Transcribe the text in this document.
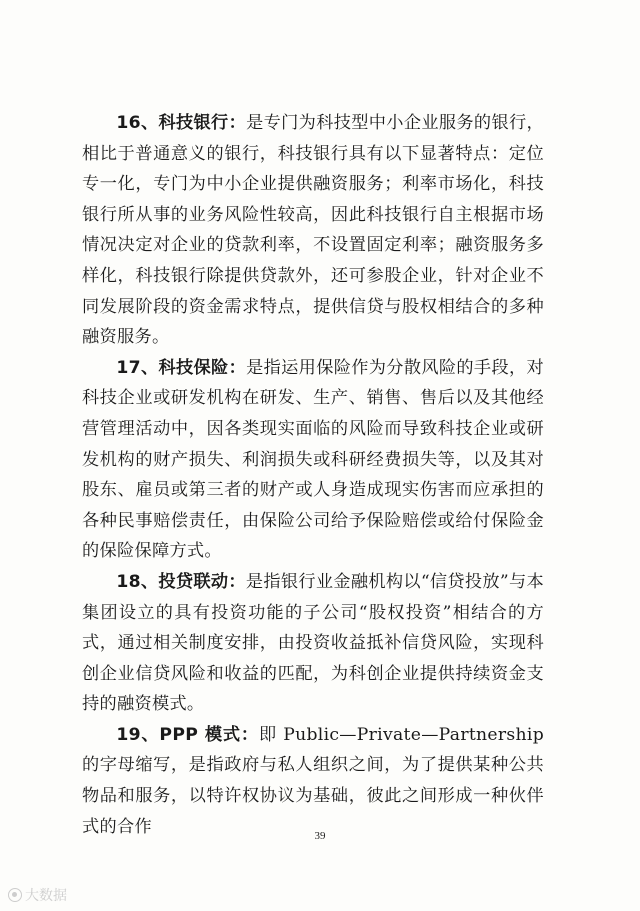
16、科技银行：是专门为科技型中小企业服务的银行，相比于普通意义的银行，科技银行具有以下显著特点：定位专一化，专门为中小企业提供融资服务；利率市场化，科技银行所从事的业务风险性较高，因此科技银行自主根据市场情况决定对企业的贷款利率，不设置固定利率；融资服务多样化，科技银行除提供贷款外，还可参股企业，针对企业不同发展阶段的资金需求特点，提供信贷与股权相结合的多种融资服务。

17、科技保险：是指运用保险作为分散风险的手段，对科技企业或研发机构在研发、生产、销售、售后以及其他经营管理活动中，因各类现实面临的风险而导致科技企业或研发机构的财产损失、利润损失或科研经费损失等，以及其对股东、雇员或第三者的财产或人身造成现实伤害而应承担的各种民事赔偿责任，由保险公司给予保险赔偿或给付保险金的保险保障方式。

18、投贷联动：是指银行业金融机构以“信贷投放”与本集团设立的具有投资功能的子公司“股权投资”相结合的方式，通过相关制度安排，由投资收益抵补信贷风险，实现科创企业信贷风险和收益的匹配，为科创企业提供持续资金支持的融资模式。

19、PPP 模式：即 Public—Private—Partnership 的字母缩写，是指政府与私人组织之间，为了提供某种公共物品和服务，以特许权协议为基础，彼此之间形成一种伙伴式的合作	39
大数据
